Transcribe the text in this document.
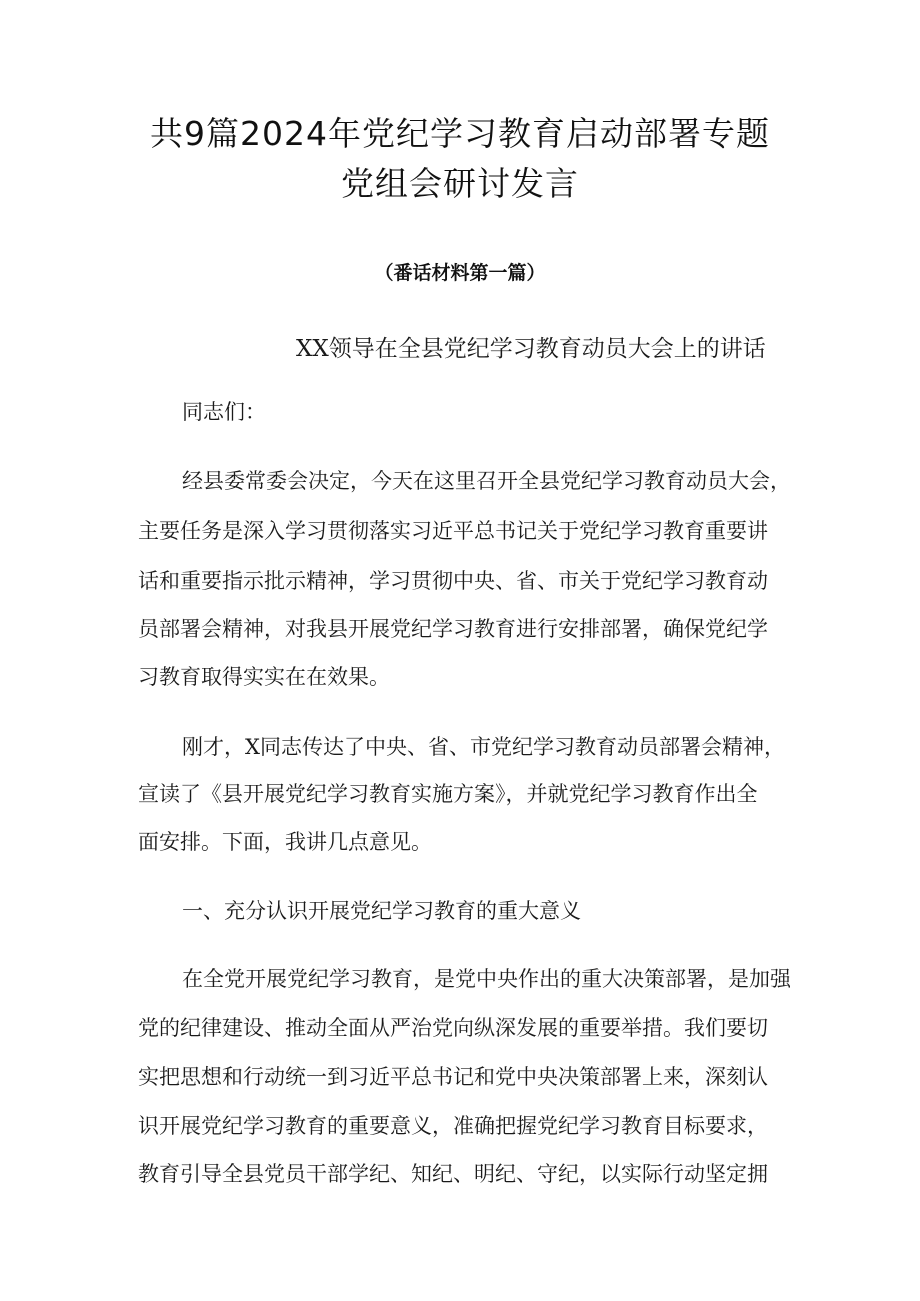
共9篇2024年党纪学习教育启动部署专题
党组会研讨发言
（番话材料第一篇）
XX领导在全县党纪学习教育动员大会上的讲话
同志们：
经县委常委会决定，今天在这里召开全县党纪学习教育动员大会，
主要任务是深入学习贯彻落实习近平总书记关于党纪学习教育重要讲
话和重要指示批示精神，学习贯彻中央、省、市关于党纪学习教育动
员部署会精神，对我县开展党纪学习教育进行安排部署，确保党纪学
习教育取得实实在在效果。
刚才，X同志传达了中央、省、市党纪学习教育动员部署会精神，
宣读了《县开展党纪学习教育实施方案》，并就党纪学习教育作出全
面安排。下面，我讲几点意见。
一、充分认识开展党纪学习教育的重大意义
在全党开展党纪学习教育，是党中央作出的重大决策部署，是加强
党的纪律建设、推动全面从严治党向纵深发展的重要举措。我们要切
实把思想和行动统一到习近平总书记和党中央决策部署上来，深刻认
识开展党纪学习教育的重要意义，准确把握党纪学习教育目标要求，
教育引导全县党员干部学纪、知纪、明纪、守纪，以实际行动坚定拥
